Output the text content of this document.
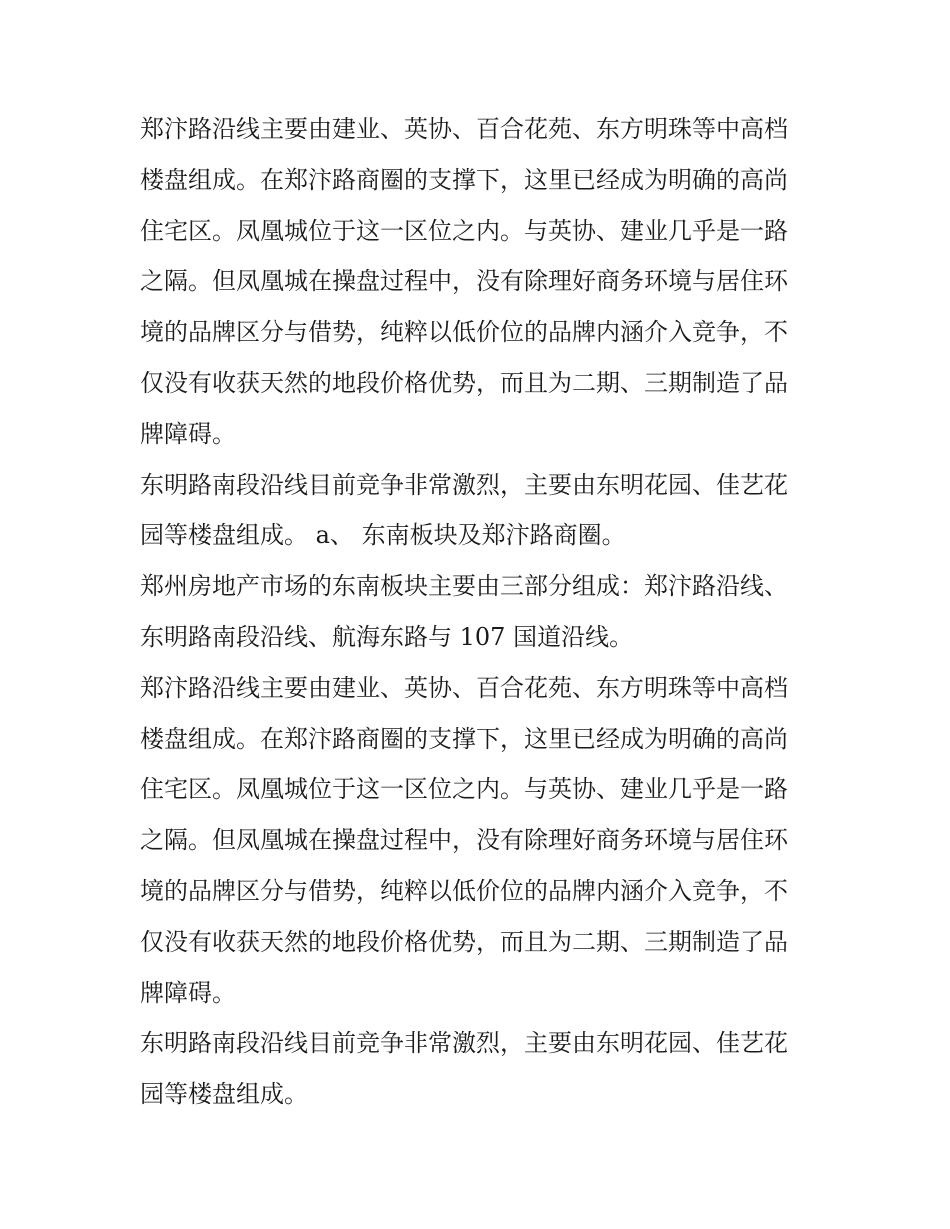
郑汴路沿线主要由建业、英协、百合花苑、东方明珠等中高档

楼盘组成。在郑汴路商圈的支撑下，这里已经成为明确的高尚

住宅区。凤凰城位于这一区位之内。与英协、建业几乎是一路

之隔。但凤凰城在操盘过程中，没有除理好商务环境与居住环

境的品牌区分与借势，纯粹以低价位的品牌内涵介入竞争，不

仅没有收获天然的地段价格优势，而且为二期、三期制造了品

牌障碍。

东明路南段沿线目前竞争非常激烈，主要由东明花园、佳艺花

园等楼盘组成。 a、 东南板块及郑汴路商圈。

郑州房地产市场的东南板块主要由三部分组成：郑汴路沿线、

东明路南段沿线、航海东路与 107 国道沿线。

郑汴路沿线主要由建业、英协、百合花苑、东方明珠等中高档

楼盘组成。在郑汴路商圈的支撑下，这里已经成为明确的高尚

住宅区。凤凰城位于这一区位之内。与英协、建业几乎是一路

之隔。但凤凰城在操盘过程中，没有除理好商务环境与居住环

境的品牌区分与借势，纯粹以低价位的品牌内涵介入竞争，不

仅没有收获天然的地段价格优势，而且为二期、三期制造了品

牌障碍。

东明路南段沿线目前竞争非常激烈，主要由东明花园、佳艺花

园等楼盘组成。
